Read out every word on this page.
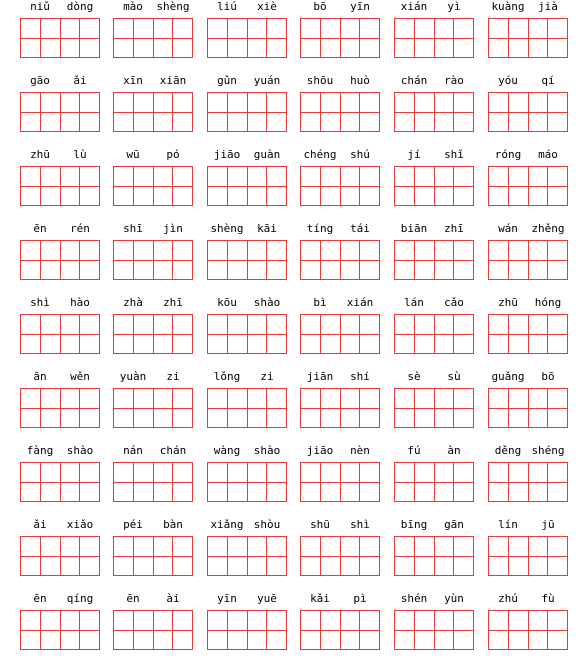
niǔ	dòng	mào	shèng	liú	xiè	bō	yīn	xián	yì	kuàng	jià
gāo	ǎi	xīn	xiān	gǔn	yuán	shōu	huò	chán	rào	yóu	qí
zhū	lù	wū	pó	jiāo	guàn	chéng	shú	jí	shǐ	róng	máo
ēn	rén	shī	jìn	shèng	kāi	tíng	tái	biān	zhī	wán	zhěng
shì	hào	zhà	zhī	kōu	shào	bì	xián	lán	cǎo	zhū	hóng
ān	wěn	yuàn	zi	lǒng	zi	jiān	shí	sè	sù	guǎng	bō
fàng	shào	nán	chán	wàng	shào	jiāo	nèn	fú	àn	děng shéng
ǎi	xiǎo	péi	bàn	xiǎng shòu	shū	shì	bīng	gān	lín	jū
ēn	qíng	ēn	ài	yīn	yuē	kǎi	pì	shén	yùn	zhú	fù
